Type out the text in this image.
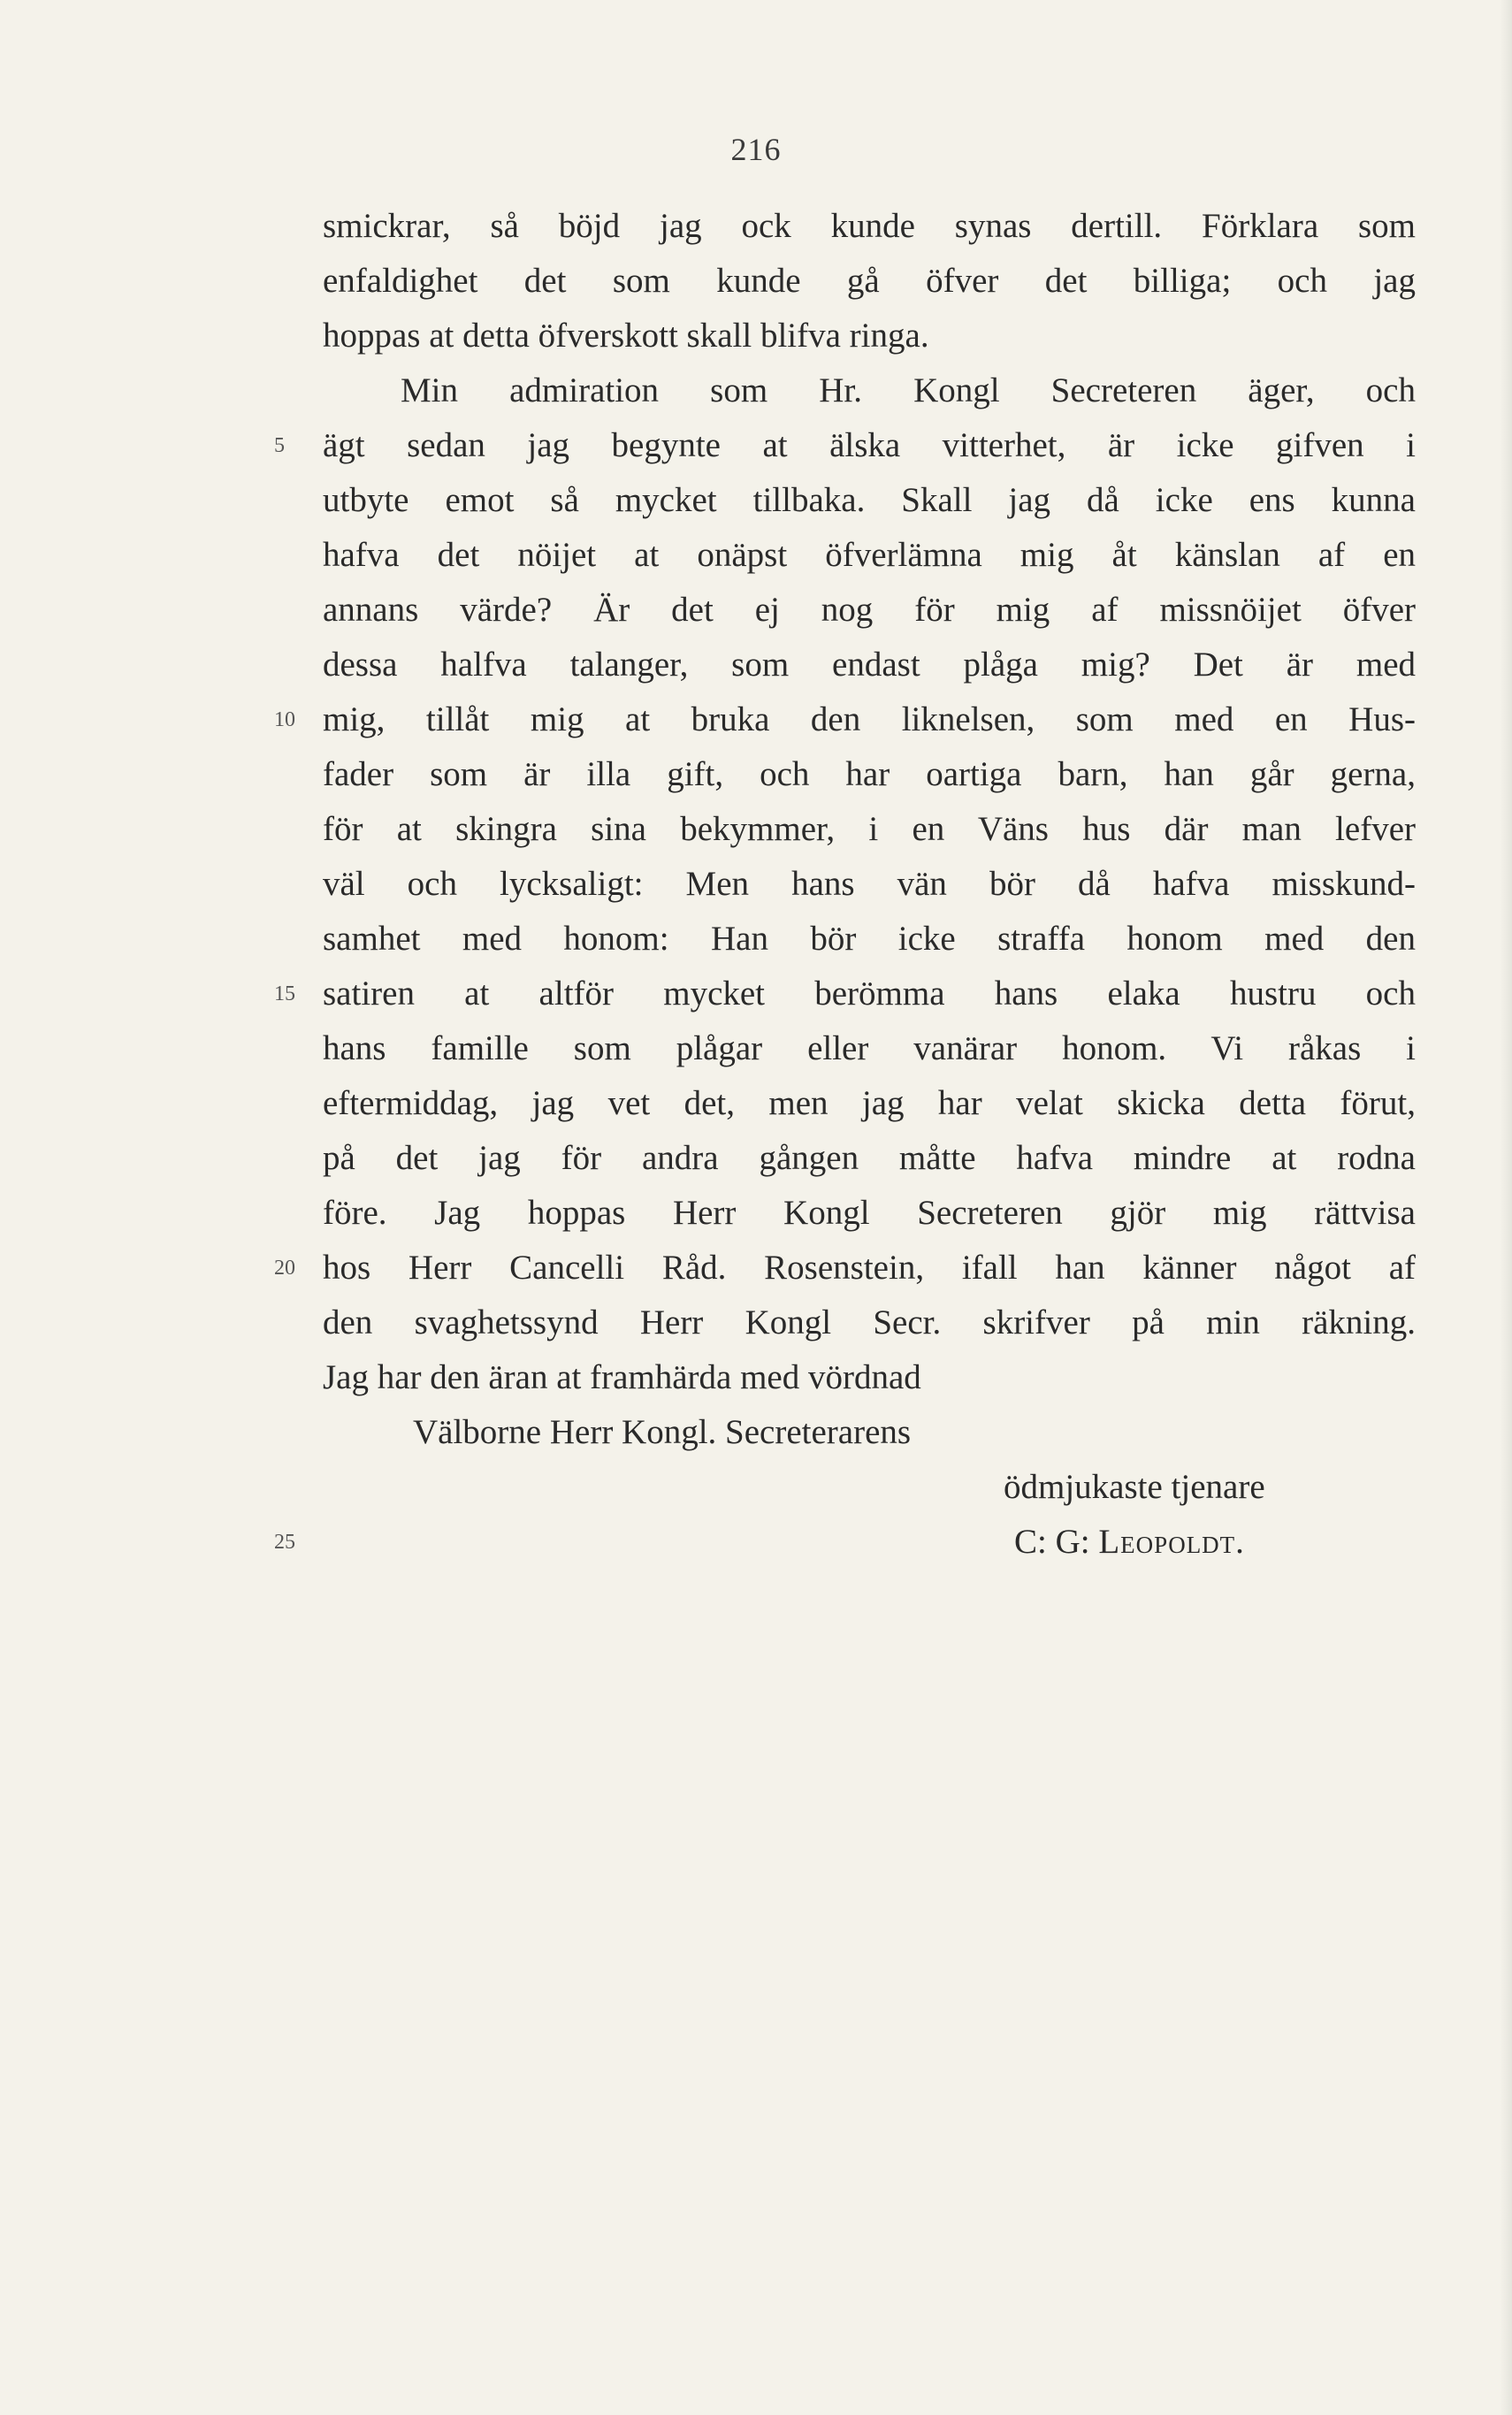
216
smickrar, så böjd jag ock kunde synas dertill. Förklara som
enfaldighet det som kunde gå öfver det billiga; och jag
hoppas at detta öfverskott skall blifva ringa.
Min admiration som Hr. Kongl Secreteren äger, och
5	ägt sedan jag begynte at älska vitterhet, är icke gifven i
utbyte emot så mycket tillbaka. Skall jag då icke ens kunna
hafva det nöijet at onäpst öfverlämna mig åt känslan af en
annans värde? Är det ej nog för mig af missnöijet öfver
dessa halfva talanger, som endast plåga mig? Det är med
10 mig, tillåt mig at bruka den liknelsen, som med en Hus-
fader som är illa gift, och har oartiga barn, han går gerna,
för at skingra sina bekymmer, i en Väns hus där man lefver
väl och lycksaligt: Men hans vän bör då hafva misskund-
samhet med honom: Han bör icke straffa honom med den
15 satiren at altför mycket berömma hans elaka hustru och
hans famille som plågar eller vanärar honom. Vi råkas i
eftermiddag, jag vet det, men jag har velat skicka detta förut,
på det jag för andra gången måtte hafva mindre at rodna
före. Jag hoppas Herr Kongl Secreteren gjör mig rättvisa
20 hos Herr Cancelli Råd. Rosenstein, ifall han känner något af
den svaghetssynd Herr Kongl Secr. skrifver på min räkning.
Jag har den äran at framhärda med vördnad
Välborne Herr Kongl. Secreterarens
ödmjukaste tjenare
25	C: G: Leopoldt.
